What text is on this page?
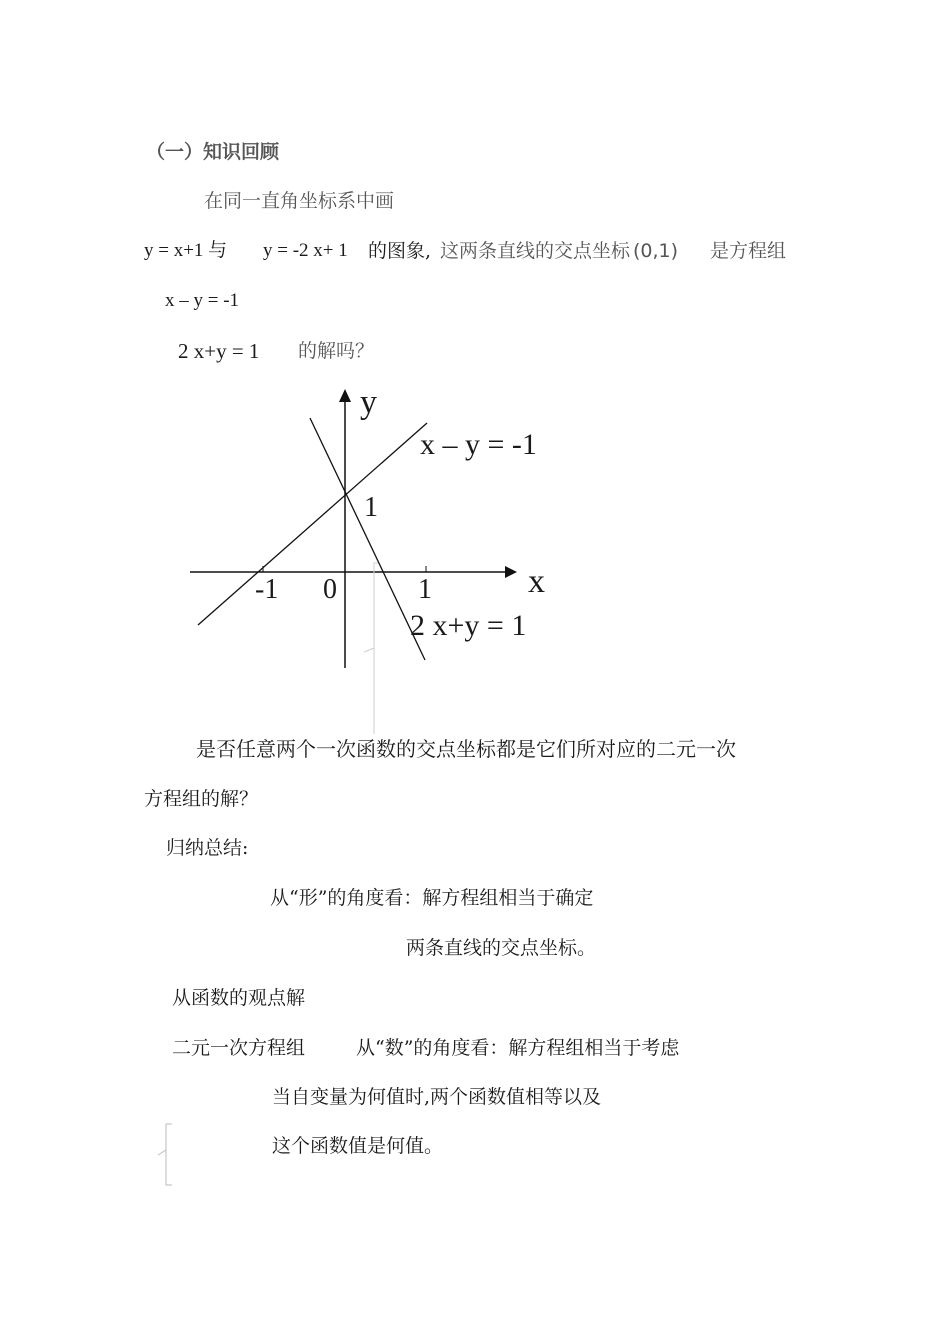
（一）知识回顾
在同一直角坐标系中画
y = x+1 与 y = -2 x+ 1 的图象, 这两条直线的交点坐标 (0,1) 是方程组
x – y = -1
2 x+y = 1 的解吗？
y
x
x – y = -1
2 x+y = 1
-1 0	1
1
是否任意两个一次函数的交点坐标都是它们所对应的二元一次
方程组的解？
归纳总结:
从“形”的角度看：解方程组相当于确定
两条直线的交点坐标。
从函数的观点解
二元一次方程组	从“数”的角度看：解方程组相当于考虑
当自变量为何值时,两个函数值相等以及
这个函数值是何值。
